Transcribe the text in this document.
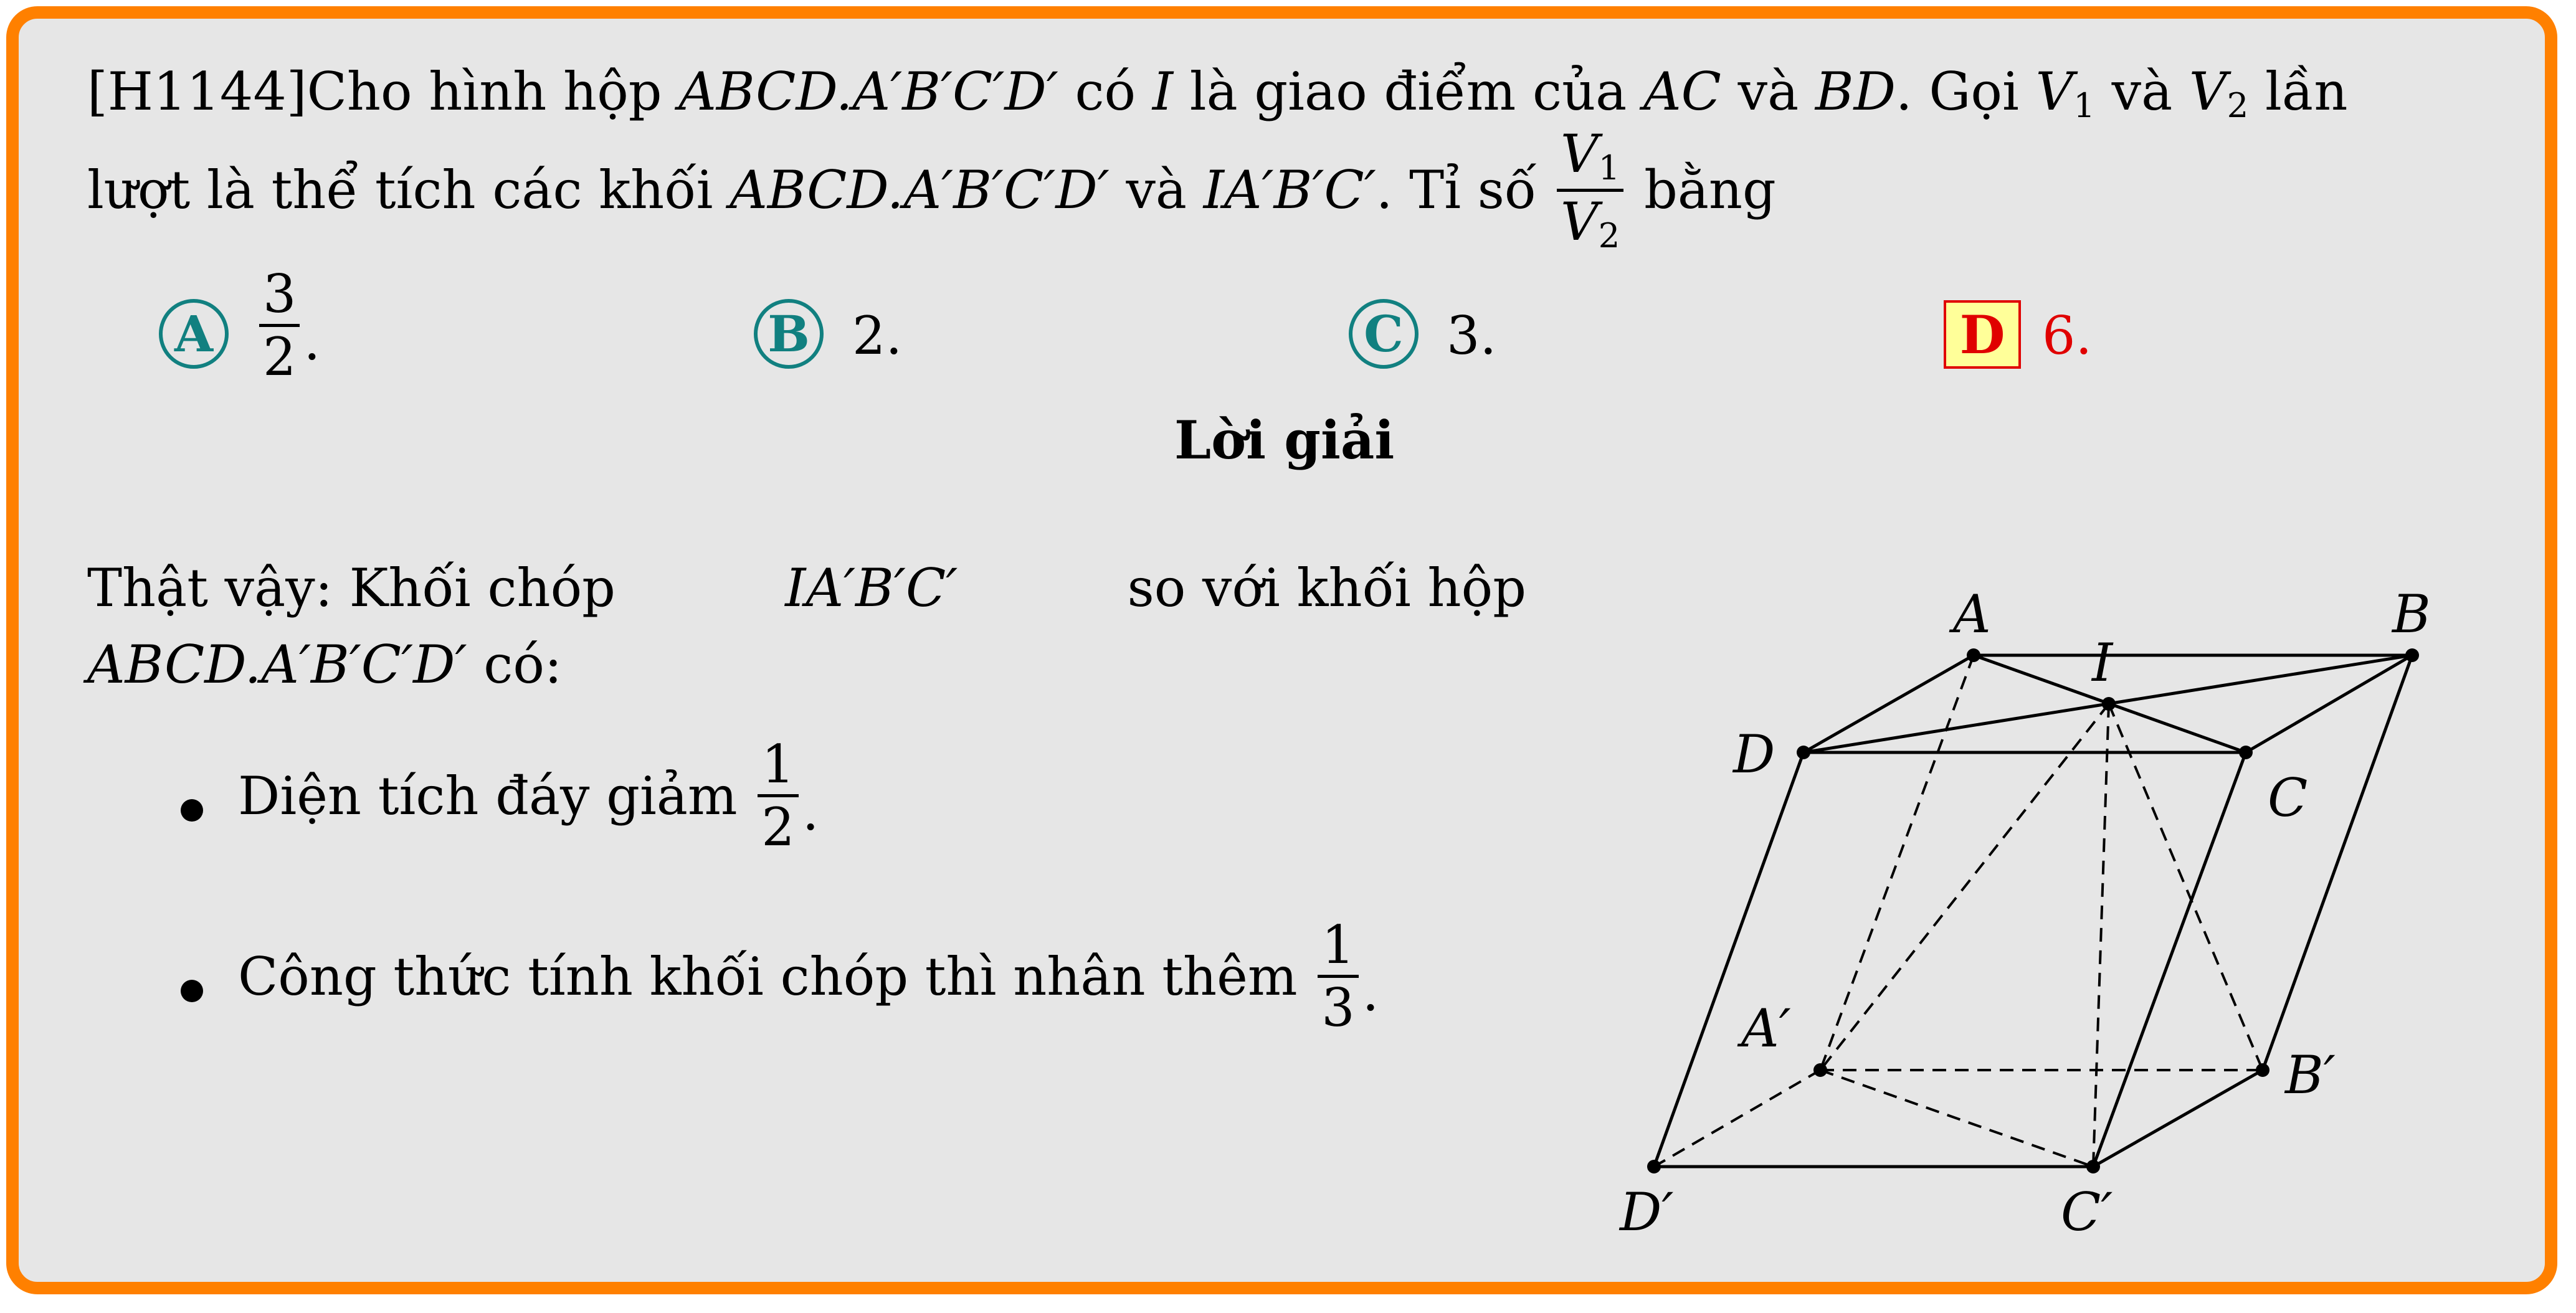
[H1144]Cho hình hộp ABCD.A′B′C′D′ có I là giao điểm của AC và BD. Gọi $V_1$ và $V_2$ lần
lượt là thể tích các khối ABCD.A′B′C′D′ và IA′B′C′ . Tỉ số $\frac{V_1}{V_2}$ bằng
A $\frac{3}{2}$ .	B 2.	C 3.	D 6.
Lời giải
Thật vậy: Khối chóp	IA′B′C′	so với khối hộp
ABCD.A′B′C′D′ có:
Diện tích đáy giảm $\frac{1}{2}$ .
Công thức tính khối chóp thì nhân thêm $\frac{1}{3}$ .
A	B
I
D
C
A′
B′
D′	C′
